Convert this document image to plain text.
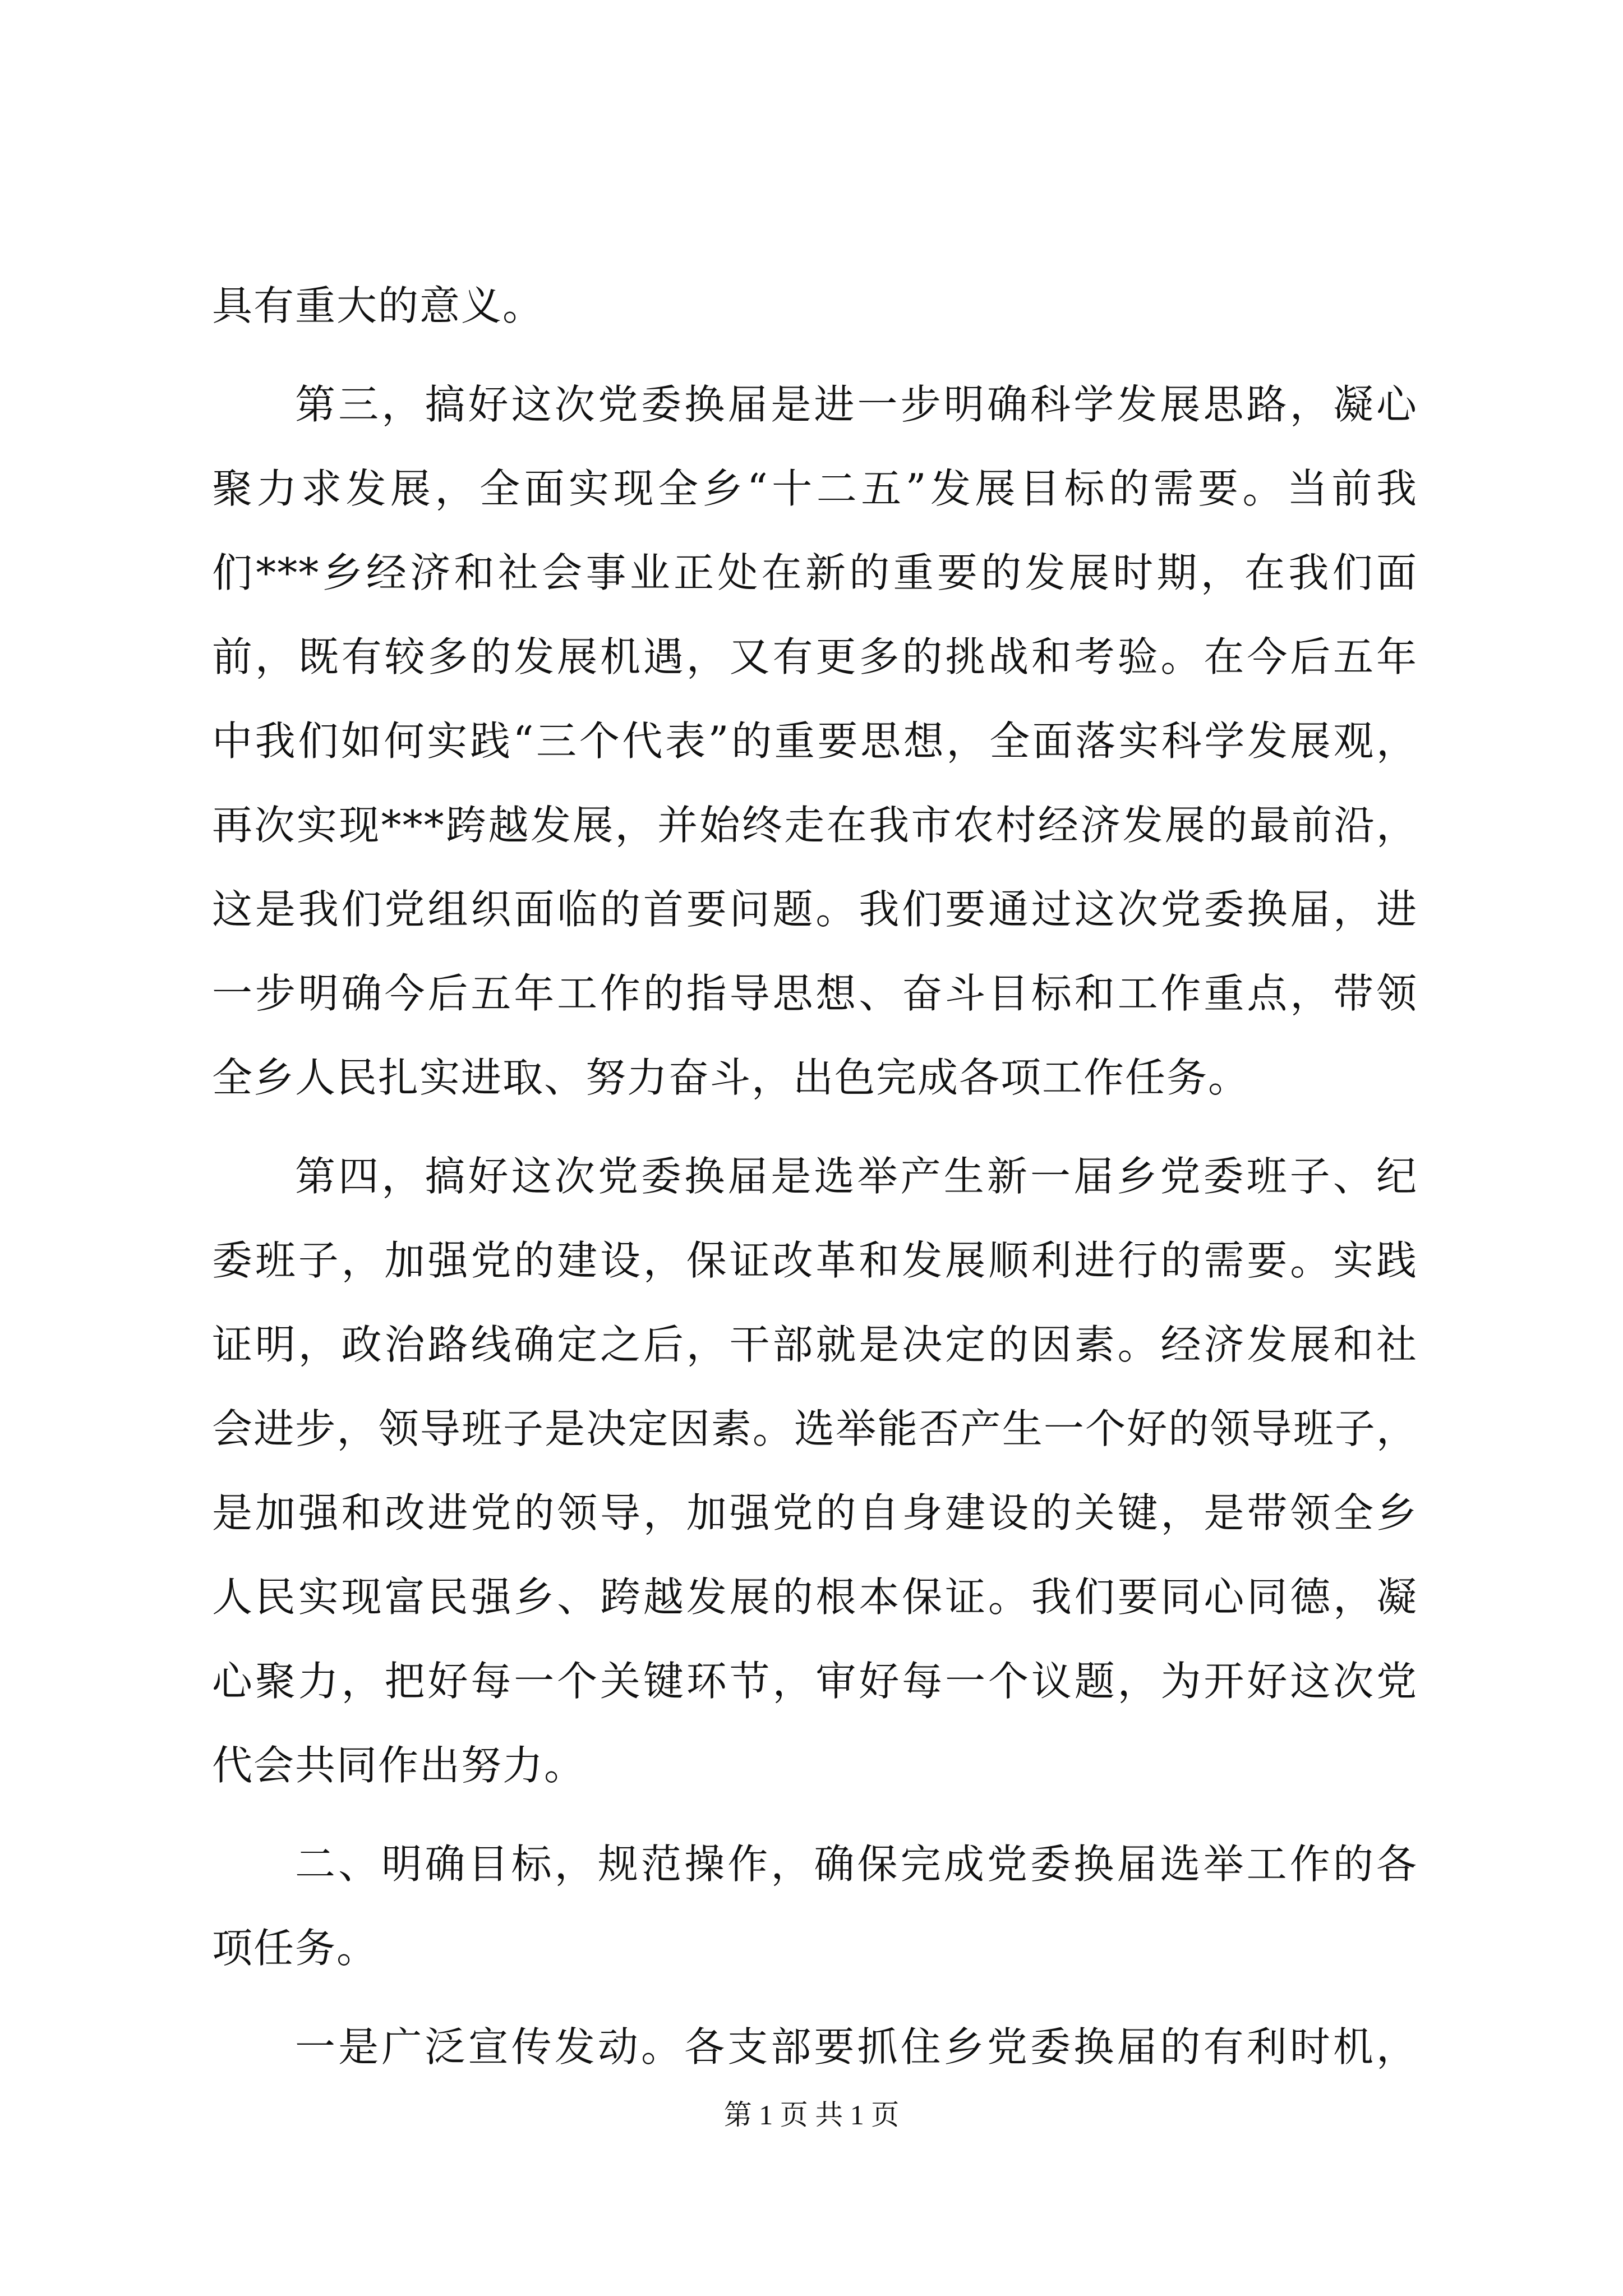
具有重大的意义。
第三，搞好这次党委换届是进一步明确科学发展思路，凝心
聚力求发展，全面实现全乡“十二五”发展目标的需要。当前我
们***乡经济和社会事业正处在新的重要的发展时期，在我们面
前，既有较多的发展机遇，又有更多的挑战和考验。在今后五年
中我们如何实践“三个代表”的重要思想，全面落实科学发展观，
再次实现***跨越发展，并始终走在我市农村经济发展的最前沿，
这是我们党组织面临的首要问题。我们要通过这次党委换届，进
一步明确今后五年工作的指导思想、奋斗目标和工作重点，带领
全乡人民扎实进取、努力奋斗，出色完成各项工作任务。
第四，搞好这次党委换届是选举产生新一届乡党委班子、纪
委班子，加强党的建设，保证改革和发展顺利进行的需要。实践
证明，政治路线确定之后，干部就是决定的因素。经济发展和社
会进步，领导班子是决定因素。选举能否产生一个好的领导班子，
是加强和改进党的领导，加强党的自身建设的关键，是带领全乡
人民实现富民强乡、跨越发展的根本保证。我们要同心同德，凝
心聚力，把好每一个关键环节，审好每一个议题，为开好这次党
代会共同作出努力。
二、明确目标，规范操作，确保完成党委换届选举工作的各
项任务。
一是广泛宣传发动。各支部要抓住乡党委换届的有利时机，
第 1 页 共 1 页
